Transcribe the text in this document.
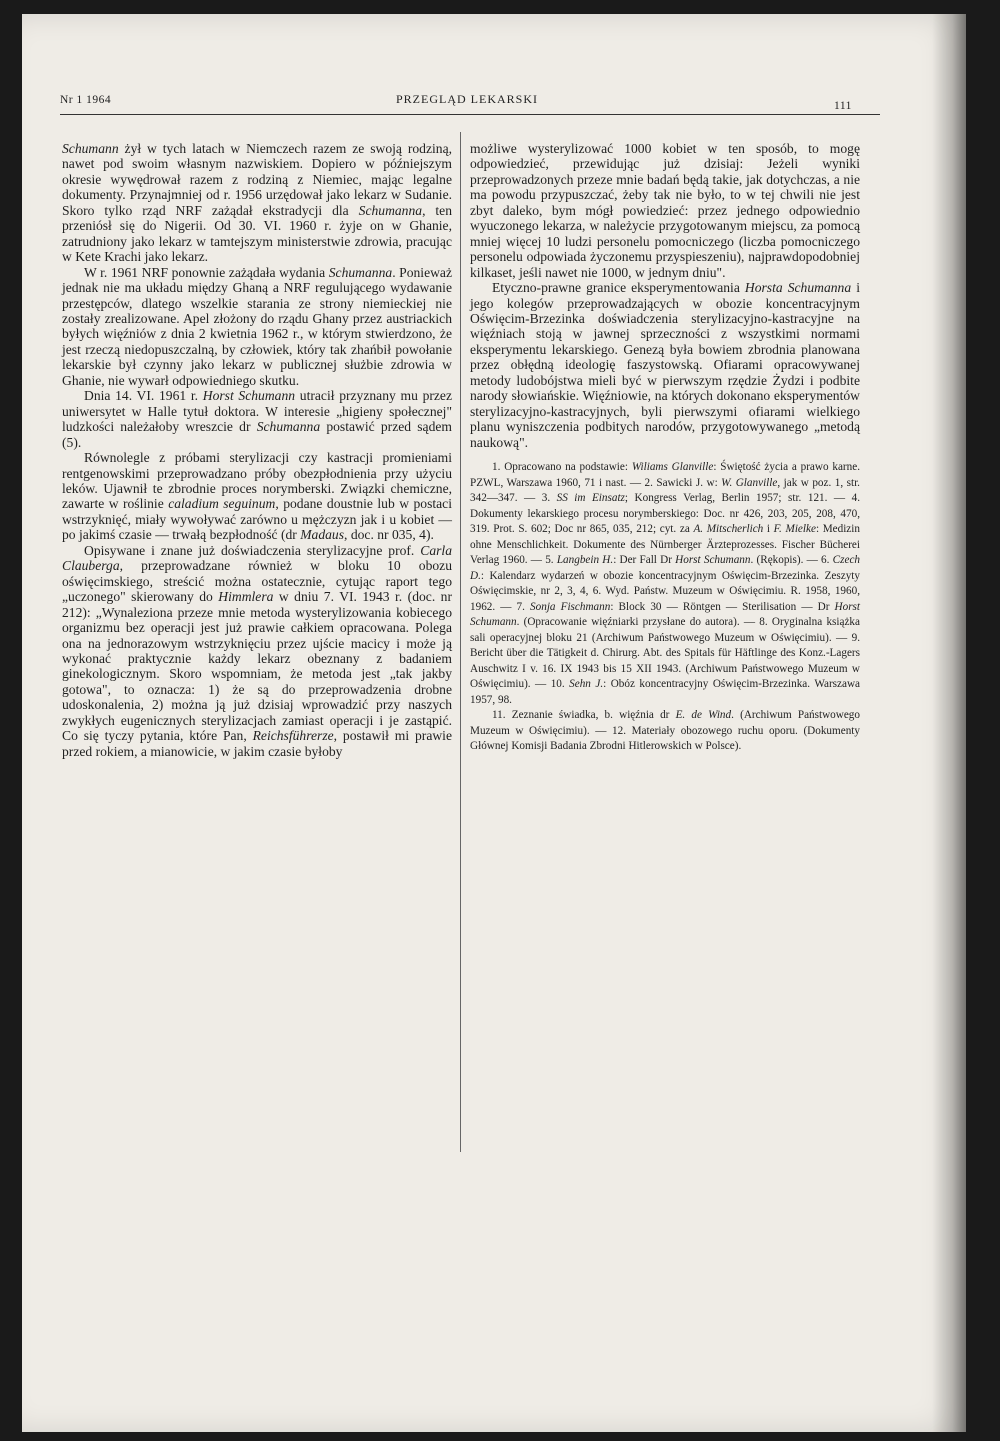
Nr 1 1964	PRZEGLĄD LEKARSKI	111

Schumann żył w tych latach w Niemczech razem ze swoją rodziną, nawet pod swoim własnym nazwiskiem. Dopiero w późniejszym okresie wywędrował razem z rodziną z Niemiec, mając legalne dokumenty. Przynajmniej od r. 1956 urzędował jako lekarz w Sudanie. Skoro tylko rząd NRF zażądał ekstradycji dla Schumanna, ten przeniósł się do Nigerii. Od 30. VI. 1960 r. żyje on w Ghanie, zatrudniony jako lekarz w tamtejszym ministerstwie zdrowia, pracując w Kete Krachi jako lekarz.

W r. 1961 NRF ponownie zażądała wydania Schumanna. Ponieważ jednak nie ma układu między Ghaną a NRF regulującego wydawanie przestępców, dlatego wszelkie starania ze strony niemieckiej nie zostały zrealizowane. Apel złożony do rządu Ghany przez austriackich byłych więźniów z dnia 2 kwietnia 1962 r., w którym stwierdzono, że jest rzeczą niedopuszczalną, by człowiek, który tak zhańbił powołanie lekarskie był czynny jako lekarz w publicznej służbie zdrowia w Ghanie, nie wywarł odpowiedniego skutku.

Dnia 14. VI. 1961 r. Horst Schumann utracił przyznany mu przez uniwersytet w Halle tytuł doktora. W interesie „higieny społecznej" ludzkości należałoby wreszcie dr Schumanna postawić przed sądem (5).

Równolegle z próbami sterylizacji czy kastracji promieniami rentgenowskimi przeprowadzano próby obezpłodnienia przy użyciu leków. Ujawnił te zbrodnie proces norymberski. Związki chemiczne, zawarte w roślinie caladium seguinum, podane doustnie lub w postaci wstrzyknięć, miały wywoływać zarówno u mężczyzn jak i u kobiet — po jakimś czasie — trwałą bezpłodność (dr Madaus, doc. nr 035, 4).

Opisywane i znane już doświadczenia sterylizacyjne prof. Carla Clauberga, przeprowadzane również w bloku 10 obozu oświęcimskiego, streścić można ostatecznie, cytując raport tego „uczonego" skierowany do Himmlera w dniu 7. VI. 1943 r. (doc. nr 212): „Wynaleziona przeze mnie metoda wysterylizowania kobiecego organizmu bez operacji jest już prawie całkiem opracowana. Polega ona na jednorazowym wstrzyknięciu przez ujście macicy i może ją wykonać praktycznie każdy lekarz obeznany z badaniem ginekologicznym. Skoro wspomniam, że metoda jest „tak jakby gotowa", to oznacza: 1) że są do przeprowadzenia drobne udoskonalenia, 2) można ją już dzisiaj wprowadzić przy naszych zwykłych eugenicznych sterylizacjach zamiast operacji i je zastąpić. Co się tyczy pytania, które Pan, Reichsführerze, postawił mi prawie przed rokiem, a mianowicie, w jakim czasie byłoby

możliwe wysterylizować 1000 kobiet w ten sposób, to mogę odpowiedzieć, przewidując już dzisiaj: Jeżeli wyniki przeprowadzonych przeze mnie badań będą takie, jak dotychczas, a nie ma powodu przypuszczać, żeby tak nie było, to w tej chwili nie jest zbyt daleko, bym mógł powiedzieć: przez jednego odpowiednio wyuczonego lekarza, w należycie przygotowanym miejscu, za pomocą mniej więcej 10 ludzi personelu pomocniczego (liczba pomocniczego personelu odpowiada życzonemu przyspieszeniu), najprawdopodobniej kilkaset, jeśli nawet nie 1000, w jednym dniu".

Etyczno-prawne granice eksperymentowania Horsta Schumanna i jego kolegów przeprowadzających w obozie koncentracyjnym Oświęcim-Brzezinka doświadczenia sterylizacyjno-kastracyjne na więźniach stoją w jawnej sprzeczności z wszystkimi normami eksperymentu lekarskiego. Genezą była bowiem zbrodnia planowana przez obłędną ideologię faszystowską. Ofiarami opracowywanej metody ludobójstwa mieli być w pierwszym rzędzie Żydzi i podbite narody słowiańskie. Więźniowie, na których dokonano eksperymentów sterylizacyjno-kastracyjnych, byli pierwszymi ofiarami wielkiego planu wyniszczenia podbitych narodów, przygotowywanego „metodą naukową".

1. Opracowano na podstawie: Wiliams Glanville: Świętość życia a prawo karne. PZWL, Warszawa 1960, 71 i nast. — 2. Sawicki J. w: W. Glanville, jak w poz. 1, str. 342—347. — 3. SS im Einsatz; Kongress Verlag, Berlin 1957; str. 121. — 4. Dokumenty lekarskiego procesu norymberskiego: Doc. nr 426, 203, 205, 208, 470, 319. Prot. S. 602; Doc nr 865, 035, 212; cyt. za A. Mitscherlich i F. Mielke: Medizin ohne Menschlichkeit. Dokumente des Nürnberger Ärzteprozesses. Fischer Bücherei Verlag 1960. — 5. Langbein H.: Der Fall Dr Horst Schumann. (Rękopis). — 6. Czech D.: Kalendarz wydarzeń w obozie koncentracyjnym Oświęcim-Brzezinka. Zeszyty Oświęcimskie, nr 2, 3, 4, 6. Wyd. Państw. Muzeum w Oświęcimiu. R. 1958, 1960, 1962. — 7. Sonja Fischmann: Block 30 — Röntgen — Sterilisation — Dr Horst Schumann. (Opracowanie więźniarki przysłane do autora). — 8. Oryginalna książka sali operacyjnej bloku 21 (Archiwum Państwowego Muzeum w Oświęcimiu). — 9. Bericht über die Tätigkeit d. Chirurg. Abt. des Spitals für Häftlinge des Konz.-Lagers Auschwitz I v. 16. IX 1943 bis 15 XII 1943. (Archiwum Państwowego Muzeum w Oświęcimiu). — 10. Sehn J.: Obóz koncentracyjny Oświęcim-Brzezinka. Warszawa 1957, 98.

11. Zeznanie świadka, b. więźnia dr E. de Wind. (Archiwum Państwowego Muzeum w Oświęcimiu). — 12. Materiały obozowego ruchu oporu. (Dokumenty Głównej Komisji Badania Zbrodni Hitlerowskich w Polsce).
